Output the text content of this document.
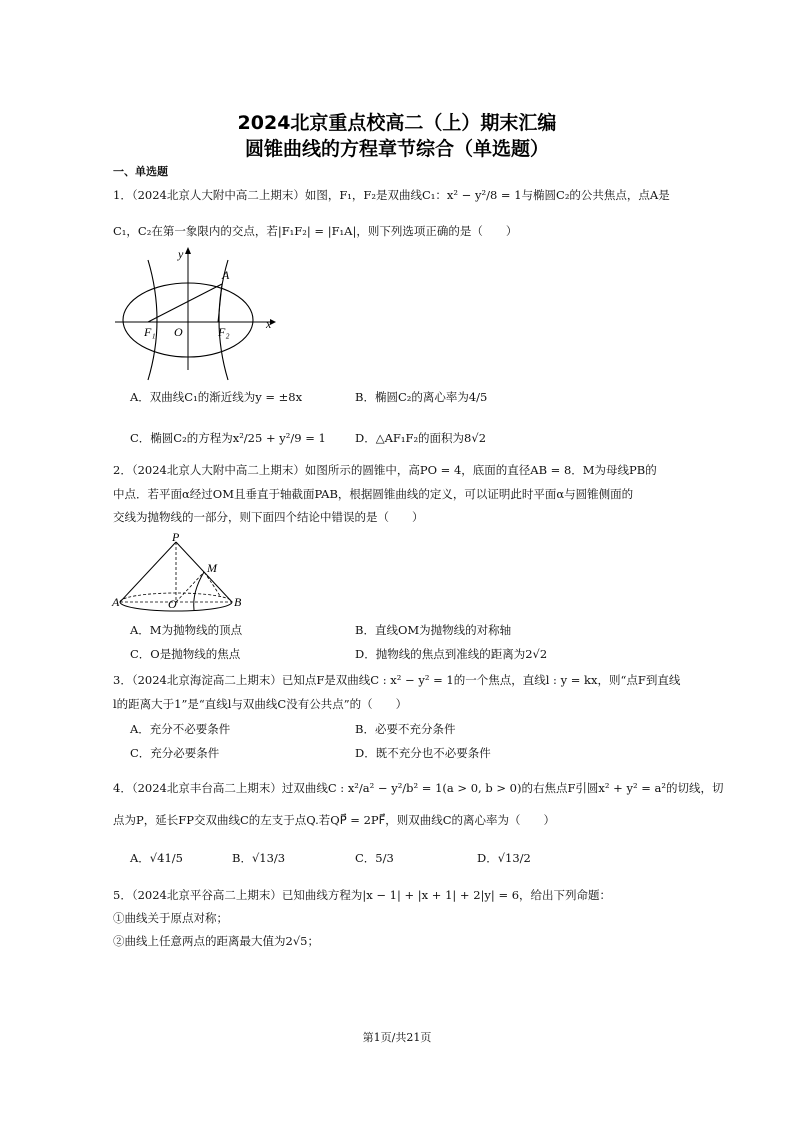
2024北京重点校高二（上）期末汇编
圆锥曲线的方程章节综合（单选题）
一、单选题
1．（2024北京人大附中高二上期末）如图，F₁，F₂是双曲线C₁：x² − y²/8 = 1与椭圆C₂的公共焦点，点A是
C₁，C₂在第一象限内的交点，若|F₁F₂| = |F₁A|，则下列选项正确的是（　　）
y
A
F₁ O	F₂
x
A．双曲线C₁的渐近线为y = ±8x	B．椭圆C₂的离心率为4/5
C．椭圆C₂的方程为x²/25 + y²/9 = 1	D．△AF₁F₂的面积为8√2
2．（2024北京人大附中高二上期末）如图所示的圆锥中，高PO = 4，底面的直径AB = 8．M为母线PB的
中点．若平面α经过OM且垂直于轴截面PAB，根据圆锥曲线的定义，可以证明此时平面α与圆锥侧面的
交线为抛物线的一部分，则下面四个结论中错误的是（　　）
P
M
A	O	B
A．M为抛物线的顶点	B．直线OM为抛物线的对称轴
C．O是抛物线的焦点	D．抛物线的焦点到准线的距离为2√2
3．（2024北京海淀高二上期末）已知点F是双曲线C : x² − y² = 1的一个焦点，直线l : y = kx，则“点F到直线
l的距离大于1”是“直线l与双曲线C没有公共点”的（　　）
A．充分不必要条件	B．必要不充分条件
C．充分必要条件	D．既不充分也不必要条件
4．（2024北京丰台高二上期末）过双曲线C : x²/a² − y²/b² = 1(a > 0, b > 0)的右焦点F引圆x² + y² = a²的切线，切
点为P，延长FP交双曲线C的左支于点Q.若QP⃗ = 2PF⃗，则双曲线C的离心率为（　　）
A．√41/5	B．√13/3	C．5/3	D．√13/2
5．（2024北京平谷高二上期末）已知曲线方程为|x − 1| + |x + 1| + 2|y| = 6，给出下列命题：
①曲线关于原点对称；
②曲线上任意两点的距离最大值为2√5；
第1页/共21页
